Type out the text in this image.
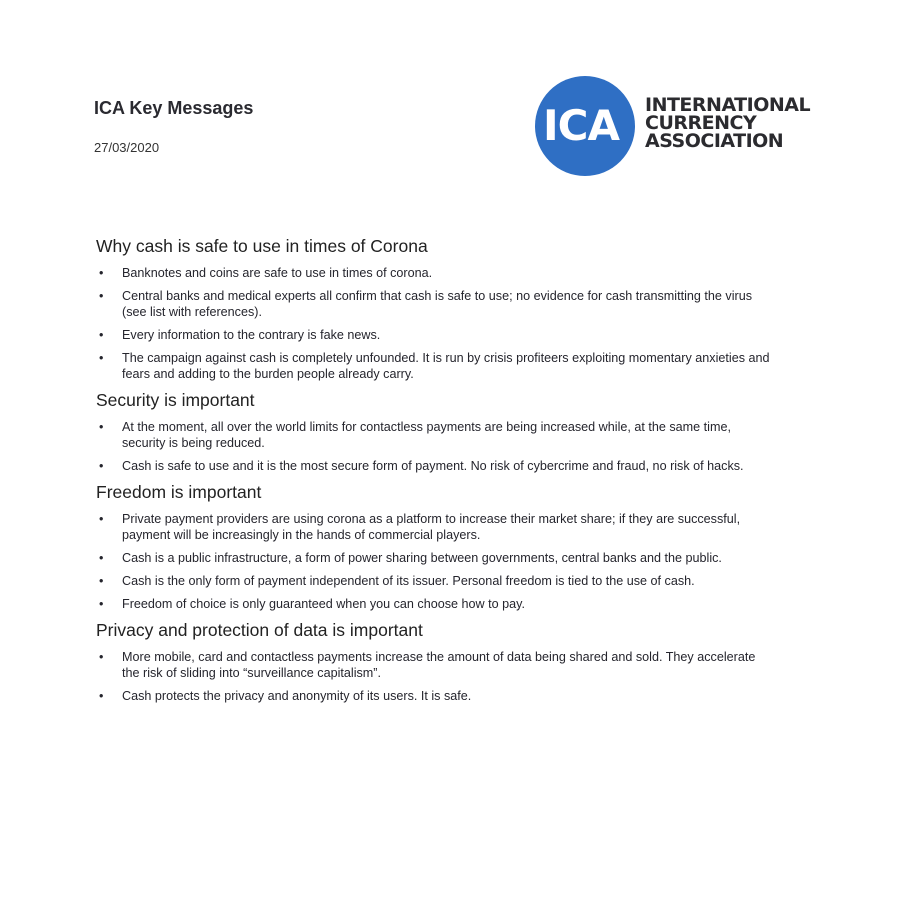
ICA Key Messages
27/03/2020	ICA INTERNATIONAL
CURRENCY
ASSOCIATION
Why cash is safe to use in times of Corona
• Banknotes and coins are safe to use in times of corona.
• Central banks and medical experts all confirm that cash is safe to use; no evidence for cash transmitting the virus (see list with references).
• Every information to the contrary is fake news.
• The campaign against cash is completely unfounded. It is run by crisis profiteers exploiting momentary anxieties and fears and adding to the burden people already carry.
Security is important
• At the moment, all over the world limits for contactless payments are being increased while, at the same time, security is being reduced.
• Cash is safe to use and it is the most secure form of payment. No risk of cybercrime and fraud, no risk of hacks.
Freedom is important
• Private payment providers are using corona as a platform to increase their market share; if they are successful, payment will be increasingly in the hands of commercial players.
• Cash is a public infrastructure, a form of power sharing between governments, central banks and the public.
• Cash is the only form of payment independent of its issuer. Personal freedom is tied to the use of cash.
• Freedom of choice is only guaranteed when you can choose how to pay.
Privacy and protection of data is important
• More mobile, card and contactless payments increase the amount of data being shared and sold. They accelerate the risk of sliding into “surveillance capitalism”.
• Cash protects the privacy and anonymity of its users. It is safe.
